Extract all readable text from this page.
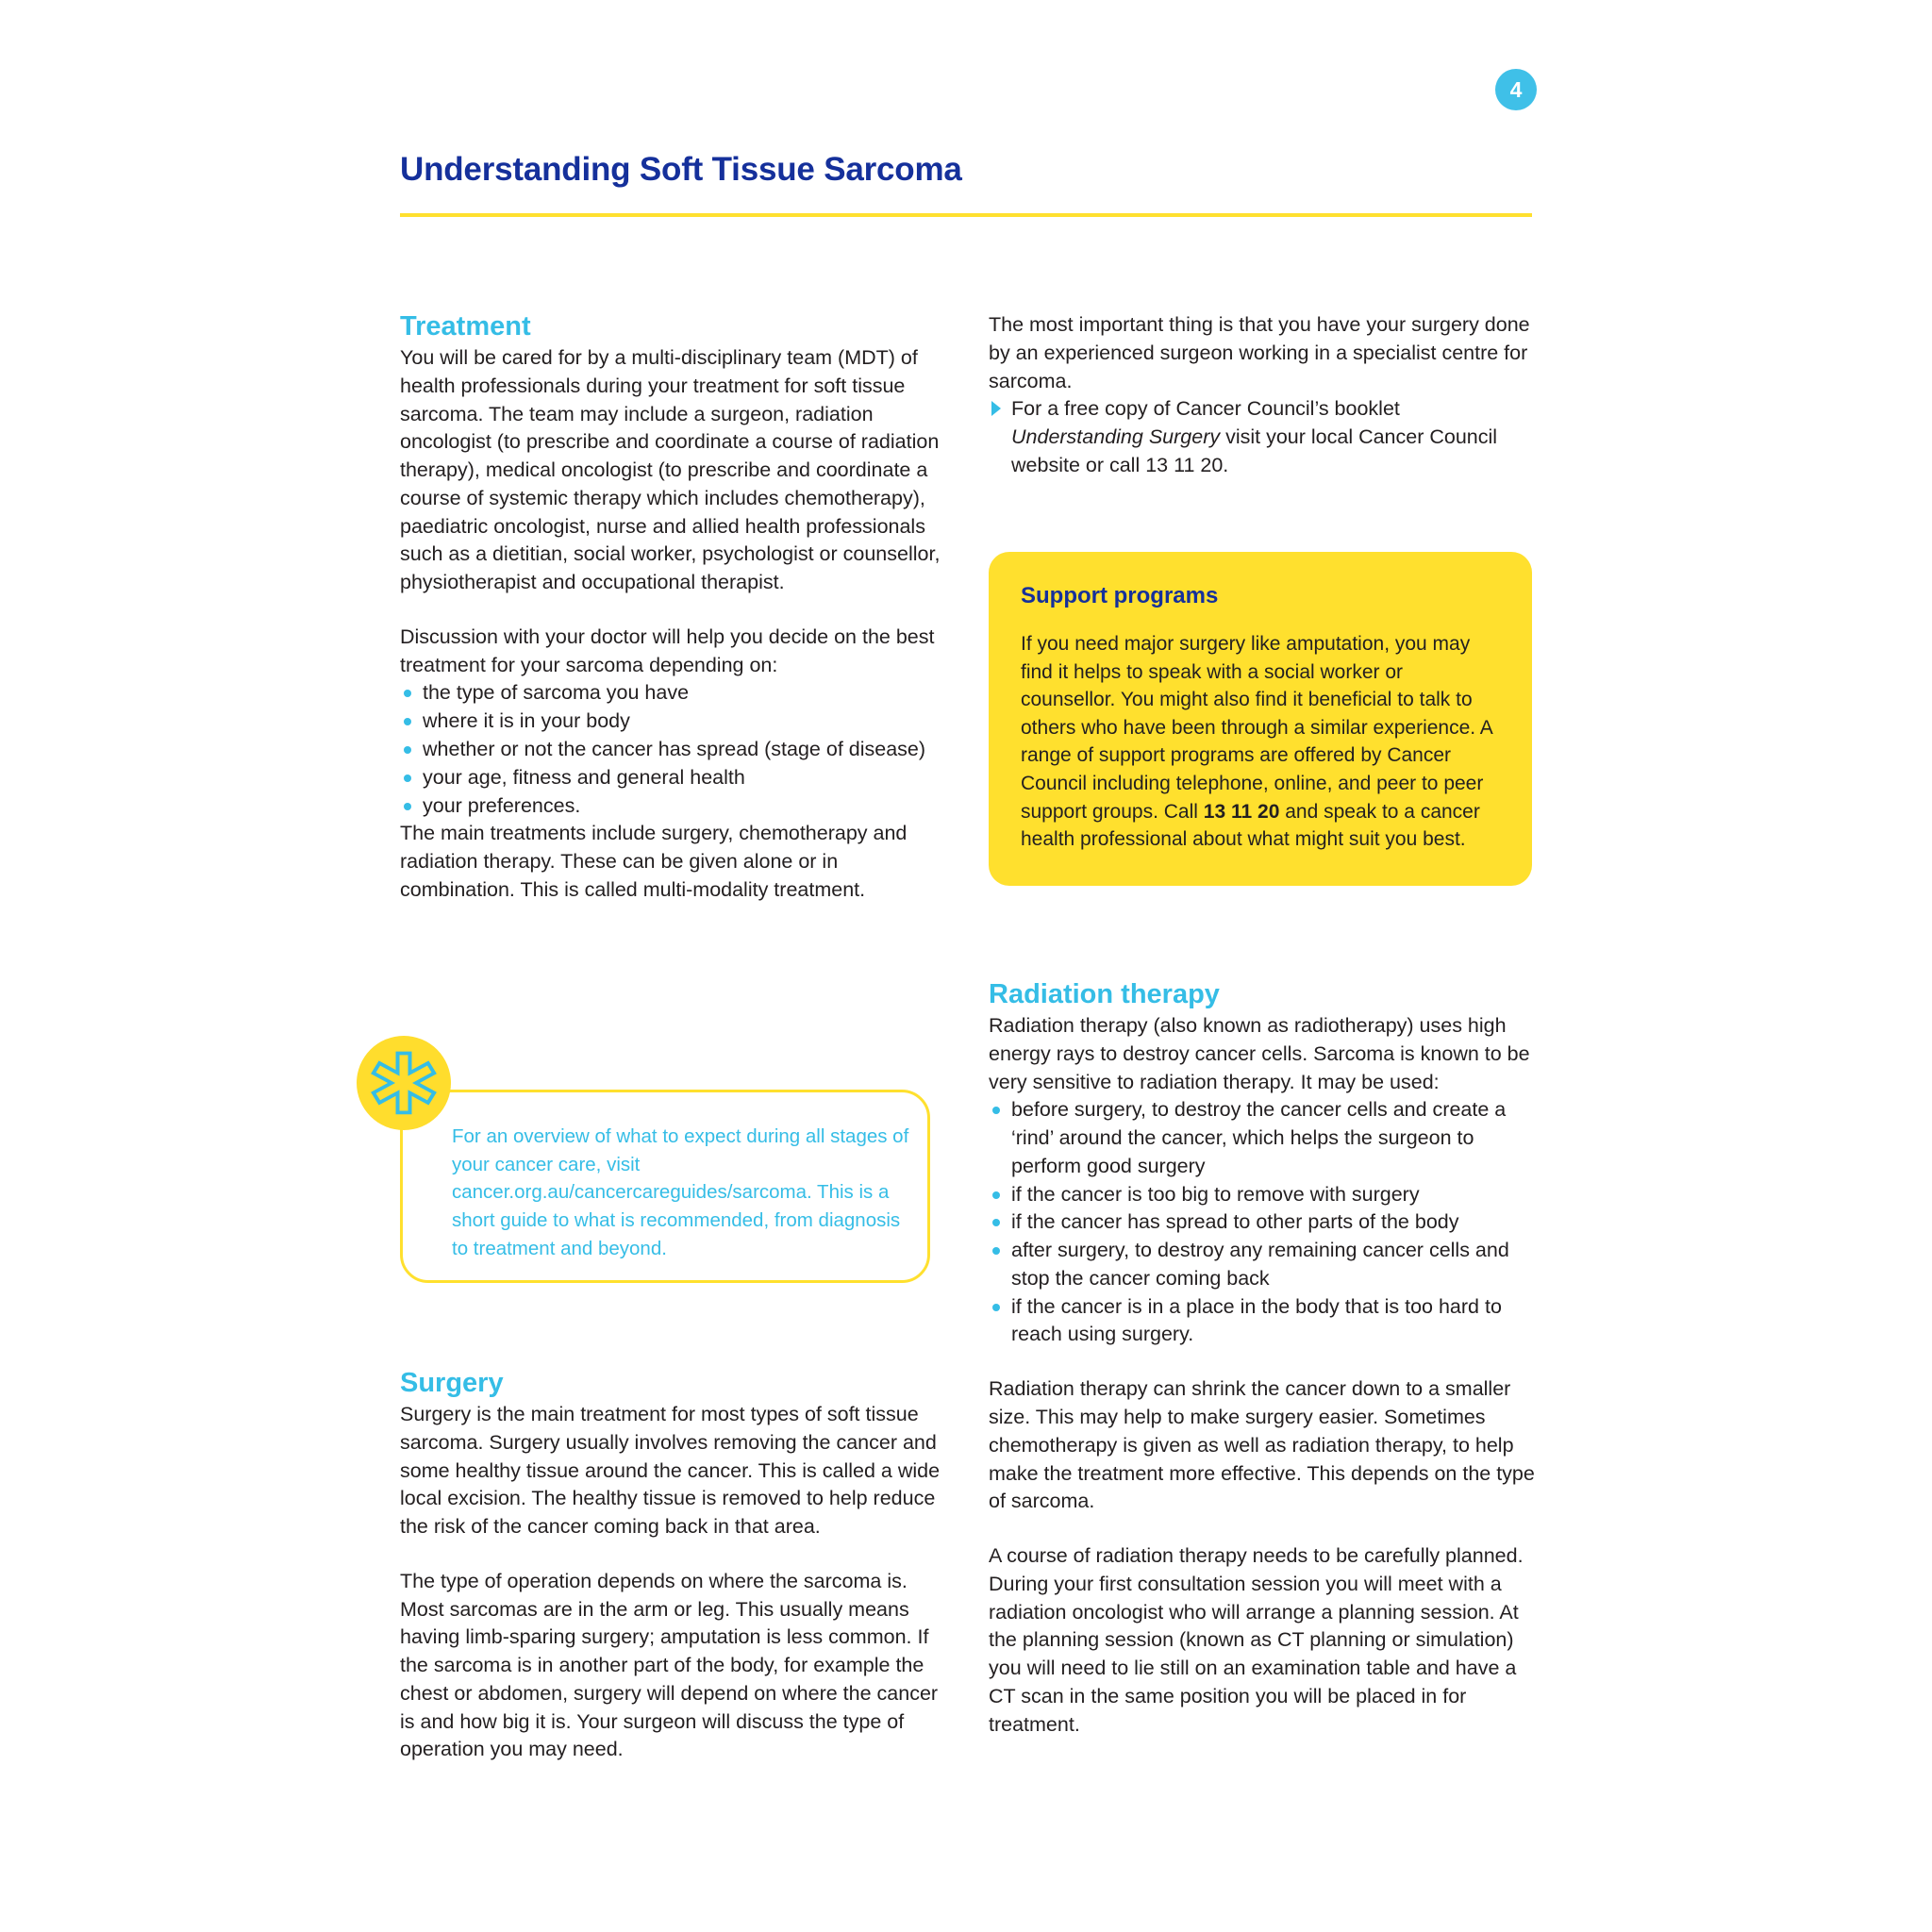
4
Understanding Soft Tissue Sarcoma
Treatment

You will be cared for by a multi-disciplinary team (MDT) of health professionals during your treatment for soft tissue sarcoma. The team may include a surgeon, radiation oncologist (to prescribe and coordinate a course of radiation therapy), medical oncologist (to prescribe and coordinate a course of systemic therapy which includes chemotherapy), paediatric oncologist, nurse and allied health professionals such as a dietitian, social worker, psychologist or counsellor, physiotherapist and occupational therapist.

Discussion with your doctor will help you decide on the best treatment for your sarcoma depending on:

the type of sarcoma you have
where it is in your body
whether or not the cancer has spread (stage of disease)
your age, fitness and general health
your preferences.

The main treatments include surgery, chemotherapy and radiation therapy. These can be given alone or in combination. This is called multi-modality treatment.

For an overview of what to expect during all stages of your cancer care, visit cancer.org.au/cancercareguides/sarcoma. This is a short guide to what is recommended, from diagnosis to treatment and beyond.
Surgery

Surgery is the main treatment for most types of soft tissue sarcoma. Surgery usually involves removing the cancer and some healthy tissue around the cancer. This is called a wide local excision. The healthy tissue is removed to help reduce the risk of the cancer coming back in that area.

The type of operation depends on where the sarcoma is. Most sarcomas are in the arm or leg. This usually means having limb-sparing surgery; amputation is less common. If the sarcoma is in another part of the body, for example the chest or abdomen, surgery will depend on where the cancer is and how big it is. Your surgeon will discuss the type of operation you may need.

The most important thing is that you have your surgery done by an experienced surgeon working in a specialist centre for sarcoma.

For a free copy of Cancer Council’s booklet Understanding Surgery visit your local Cancer Council website or call 13 11 20.
Support programs

If you need major surgery like amputation, you may find it helps to speak with a social worker or counsellor. You might also find it beneficial to talk to others who have been through a similar experience. A range of support programs are offered by Cancer Council including telephone, online, and peer to peer support groups. Call 13 11 20 and speak to a cancer health professional about what might suit you best.

Radiation therapy

Radiation therapy (also known as radiotherapy) uses high energy rays to destroy cancer cells. Sarcoma is known to be very sensitive to radiation therapy. It may be used:

before surgery, to destroy the cancer cells and create a ‘rind’ around the cancer, which helps the surgeon to perform good surgery
if the cancer is too big to remove with surgery
if the cancer has spread to other parts of the body
after surgery, to destroy any remaining cancer cells and stop the cancer coming back
if the cancer is in a place in the body that is too hard to reach using surgery.

Radiation therapy can shrink the cancer down to a smaller size. This may help to make surgery easier. Sometimes chemotherapy is given as well as radiation therapy, to help make the treatment more effective. This depends on the type of sarcoma.

A course of radiation therapy needs to be carefully planned. During your first consultation session you will meet with a radiation oncologist who will arrange a planning session. At the planning session (known as CT planning or simulation) you will need to lie still on an examination table and have a CT scan in the same position you will be placed in for treatment.
